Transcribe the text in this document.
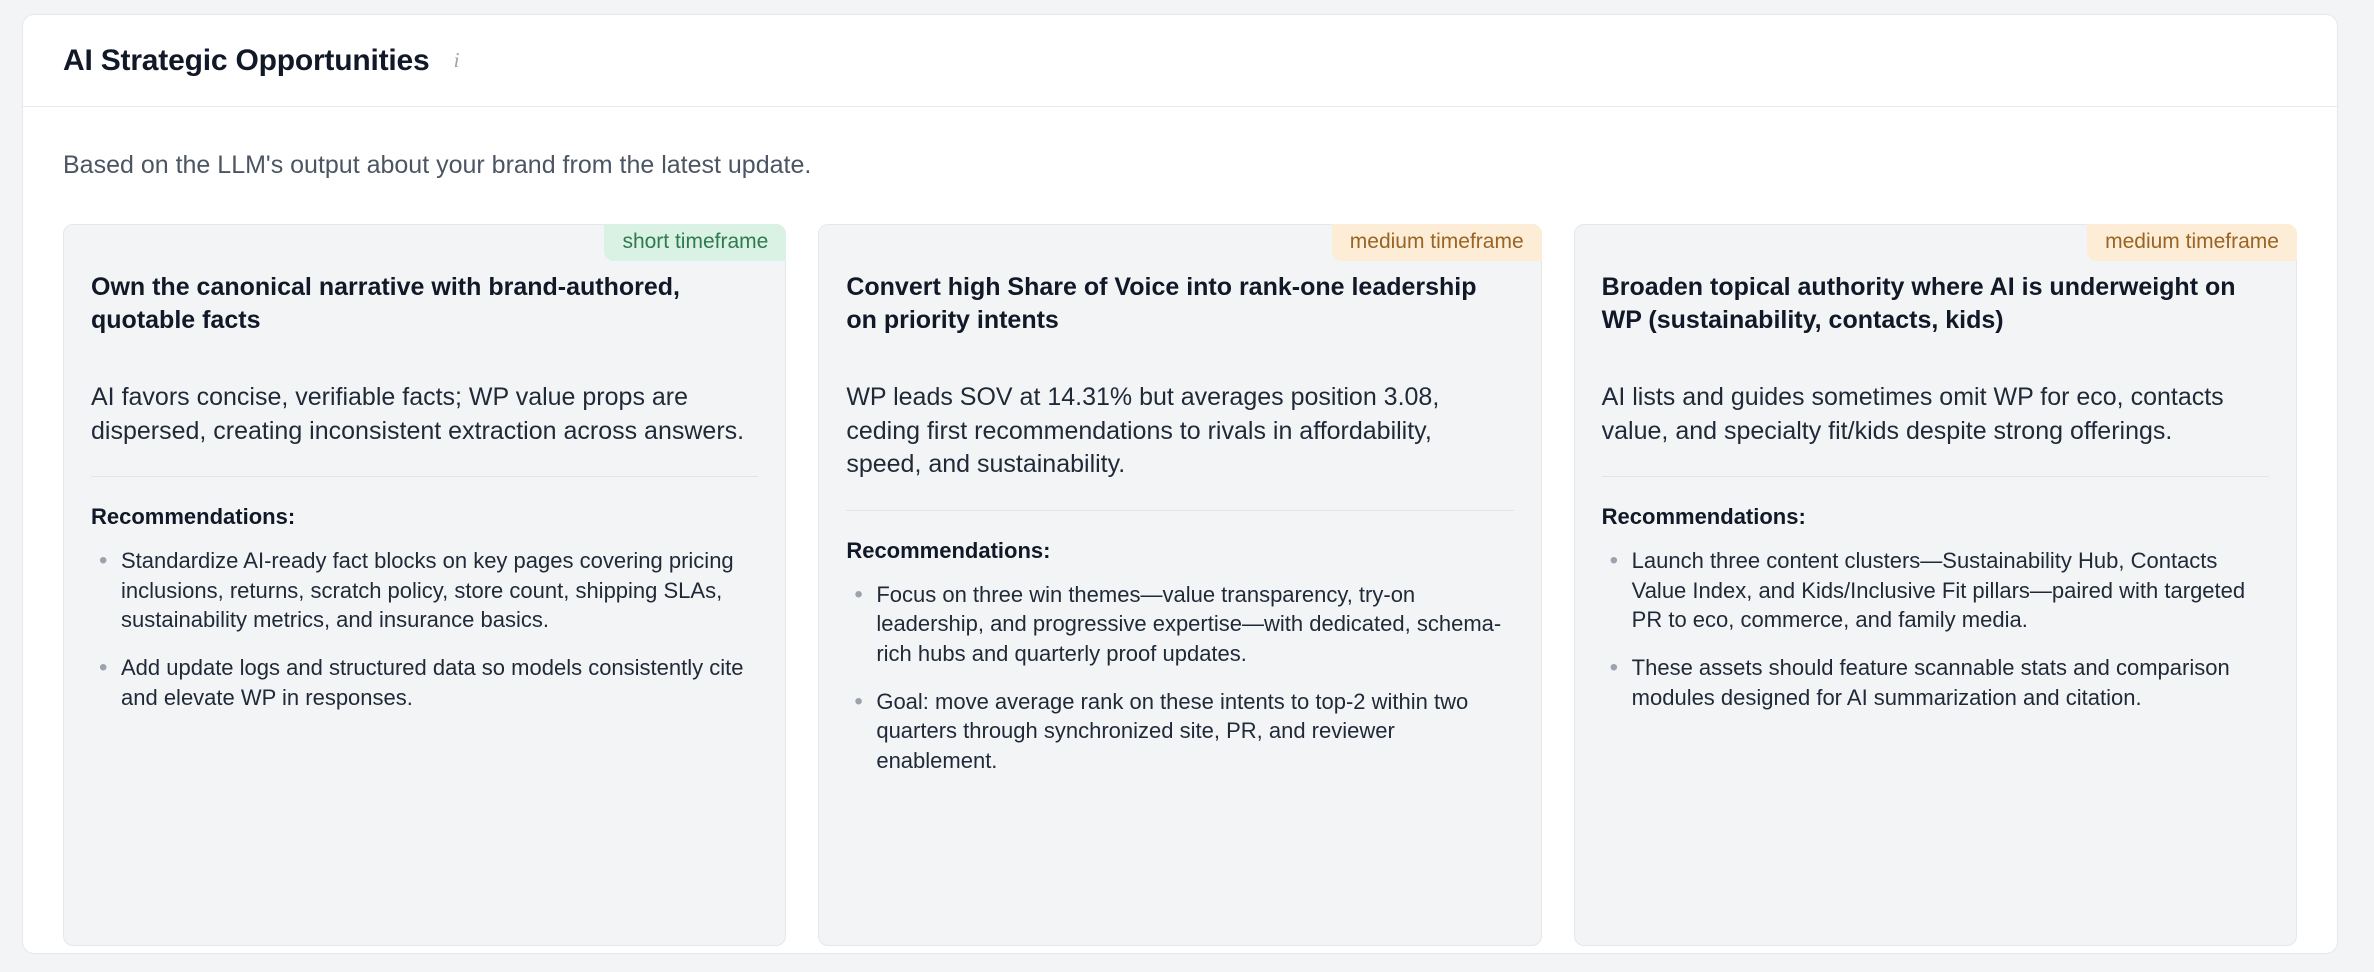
AI Strategic Opportunities	i
Based on the LLM's output about your brand from the latest update.
short timeframe
Own the canonical narrative with brand-authored, quotable facts
AI favors concise, verifiable facts; WP value props are dispersed, creating inconsistent extraction across answers.
Recommendations:
• Standardize AI-ready fact blocks on key pages covering pricing inclusions, returns, scratch policy, store count, shipping SLAs, sustainability metrics, and insurance basics.
• Add update logs and structured data so models consistently cite and elevate WP in responses.
medium timeframe
Convert high Share of Voice into rank-one leadership on priority intents
WP leads SOV at 14.31% but averages position 3.08, ceding first recommendations to rivals in affordability, speed, and sustainability.
Recommendations:
• Focus on three win themes—value transparency, try-on leadership, and progressive expertise—with dedicated, schema-rich hubs and quarterly proof updates.
• Goal: move average rank on these intents to top-2 within two quarters through synchronized site, PR, and reviewer enablement.
medium timeframe
Broaden topical authority where AI is underweight on WP (sustainability, contacts, kids)
AI lists and guides sometimes omit WP for eco, contacts value, and specialty fit/kids despite strong offerings.
Recommendations:
• Launch three content clusters—Sustainability Hub, Contacts Value Index, and Kids/Inclusive Fit pillars—paired with targeted PR to eco, commerce, and family media.
• These assets should feature scannable stats and comparison modules designed for AI summarization and citation.
